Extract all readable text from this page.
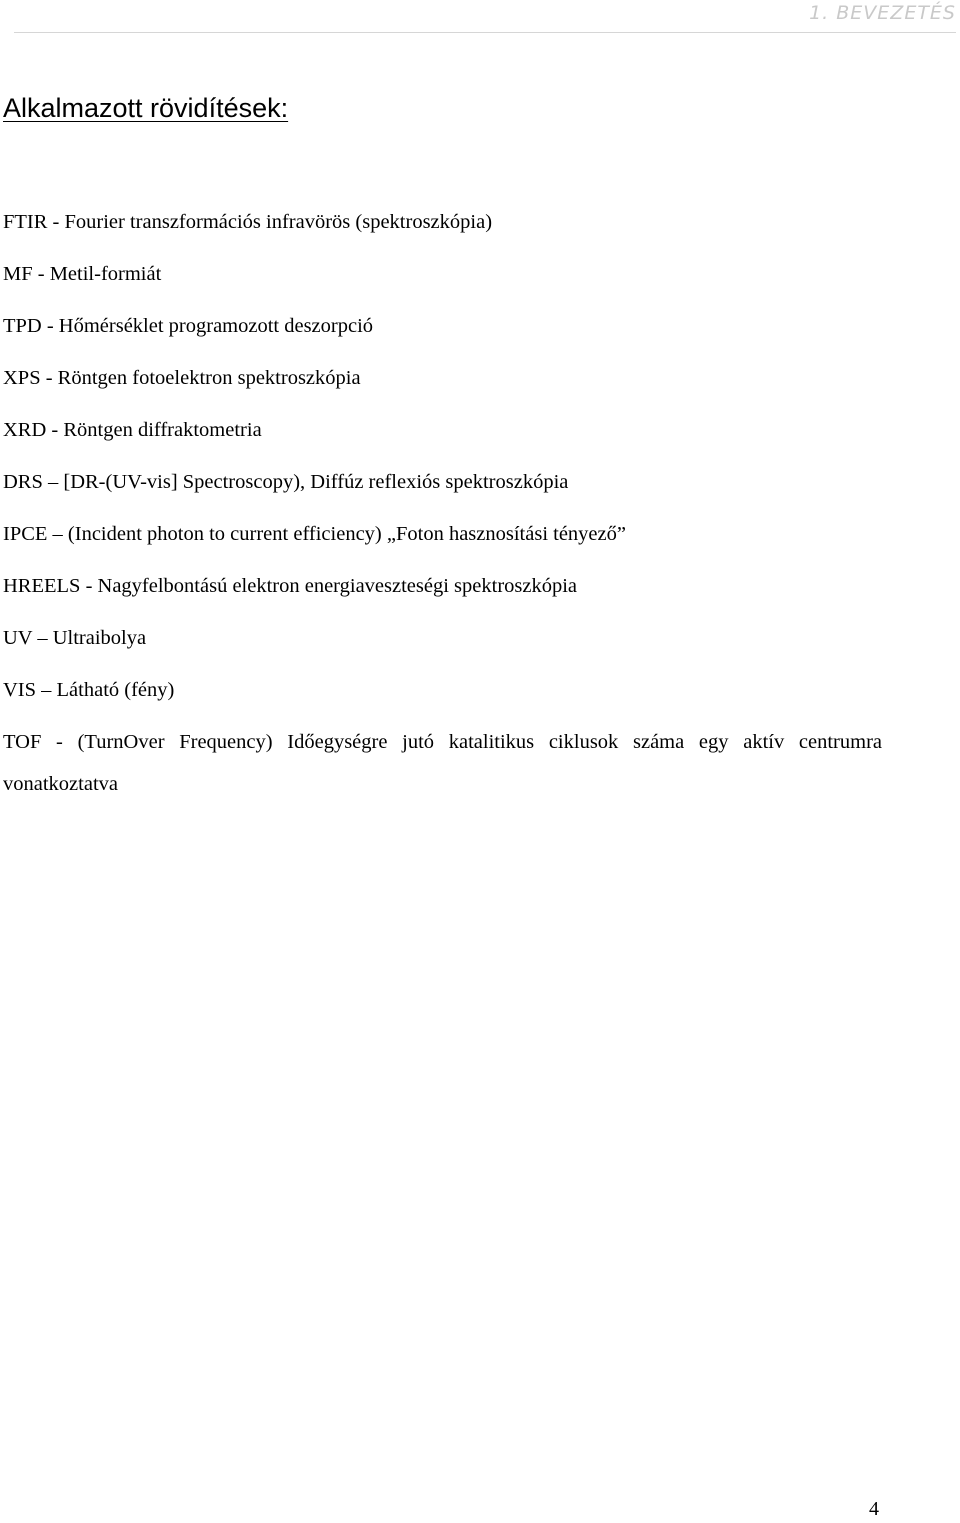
1. BEVEZETÉS
Alkalmazott rövidítések:
FTIR - Fourier transzformációs infravörös (spektroszkópia)
MF - Metil-formiát
TPD - Hőmérséklet programozott deszorpció
XPS - Röntgen fotoelektron spektroszkópia
XRD - Röntgen diffraktometria
DRS – [DR-(UV-vis] Spectroscopy), Diffúz reflexiós spektroszkópia
IPCE – (Incident photon to current efficiency) „Foton hasznosítási tényező”
HREELS - Nagyfelbontású elektron energiaveszteségi spektroszkópia
UV – Ultraibolya
VIS – Látható (fény)
TOF - (TurnOver Frequency) Időegységre jutó katalitikus ciklusok száma egy aktív centrumra vonatkoztatva
4
